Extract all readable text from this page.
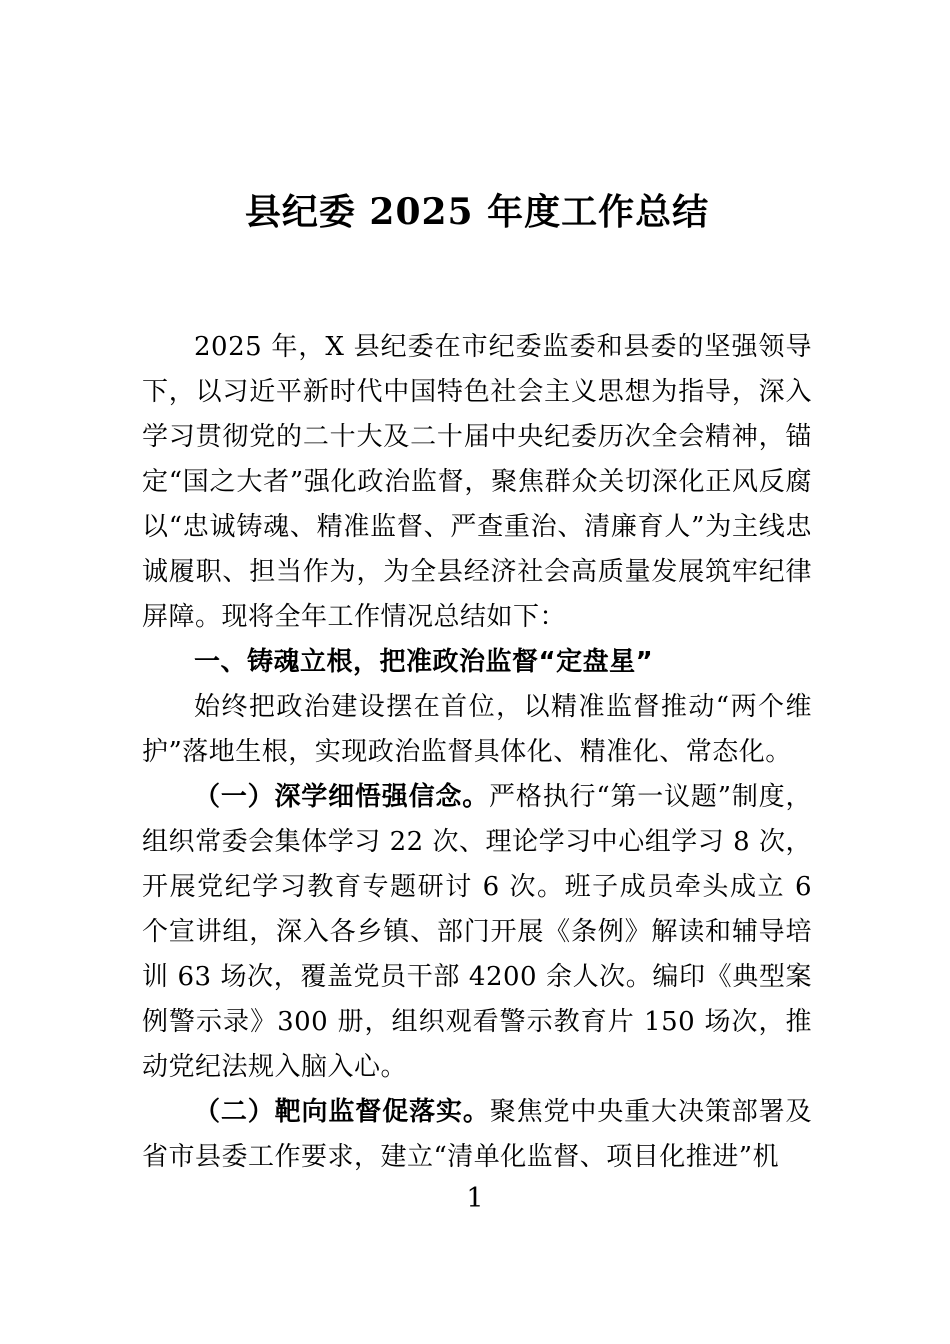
县纪委 2025 年度工作总结

2025 年，X 县纪委在市纪委监委和县委的坚强领导下，以习近平新时代中国特色社会主义思想为指导，深入学习贯彻党的二十大及二十届中央纪委历次全会精神，锚定“国之大者”强化政治监督，聚焦群众关切深化正风反腐以“忠诚铸魂、精准监督、严查重治、清廉育人”为主线忠诚履职、担当作为，为全县经济社会高质量发展筑牢纪律屏障。现将全年工作情况总结如下：

一、铸魂立根，把准政治监督“定盘星”

始终把政治建设摆在首位，以精准监督推动“两个维护”落地生根，实现政治监督具体化、精准化、常态化。

（一）深学细悟强信念。严格执行“第一议题”制度，组织常委会集体学习 22 次、理论学习中心组学习 8 次，开展党纪学习教育专题研讨 6 次。班子成员牵头成立 6 个宣讲组，深入各乡镇、部门开展《条例》解读和辅导培训 63 场次，覆盖党员干部 4200 余人次。编印《典型案例警示录》300 册，组织观看警示教育片 150 场次，推动党纪法规入脑入心。

（二）靶向监督促落实。聚焦党中央重大决策部署及省市县委工作要求，建立“清单化监督、项目化推进”机

1
